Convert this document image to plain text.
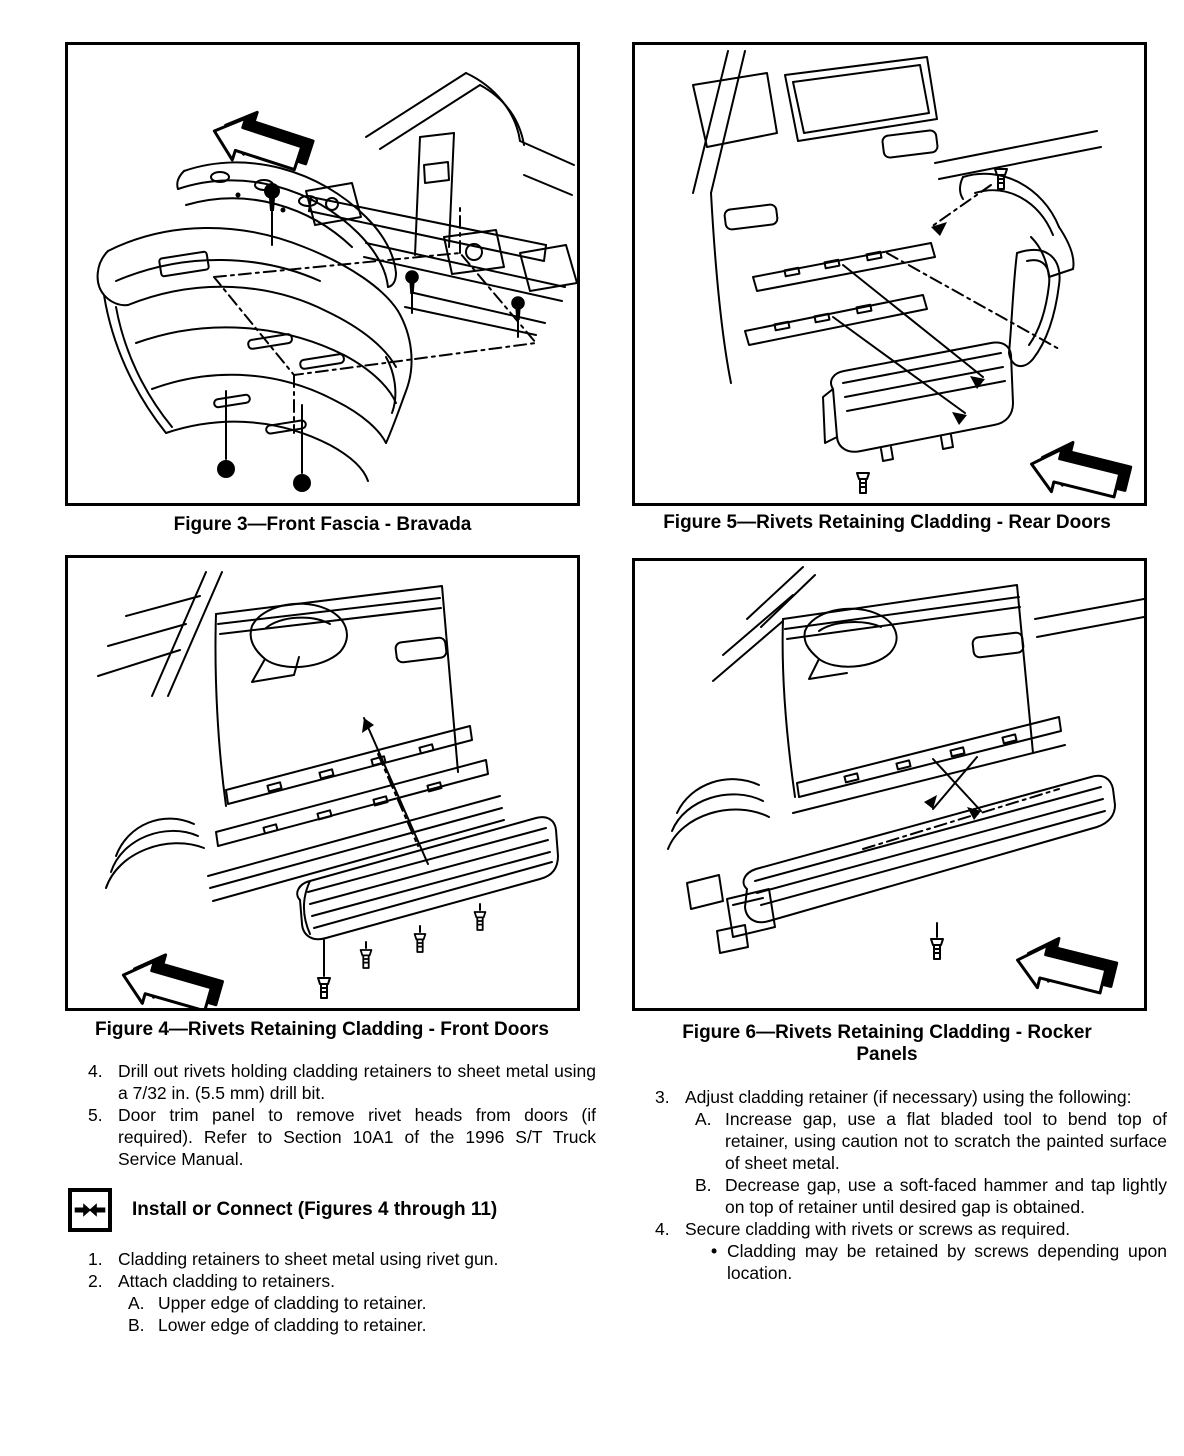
Figure 3—Front Fascia - Bravada	Figure 5—Rivets Retaining Cladding - Rear Doors
Figure 4—Rivets Retaining Cladding - Front Doors	Figure 6—Rivets Retaining Cladding - Rocker Panels
4. Drill out rivets holding cladding retainers to sheet metal using a 7/32 in. (5.5 mm) drill bit.
5. Door trim panel to remove rivet heads from doors (if required). Refer to Section 10A1 of the 1996 S/T Truck Service Manual.
Install or Connect (Figures 4 through 11)
1. Cladding retainers to sheet metal using rivet gun.
2. Attach cladding to retainers.
A. Upper edge of cladding to retainer.
B. Lower edge of cladding to retainer.
3. Adjust cladding retainer (if necessary) using the following:
A. Increase gap, use a flat bladed tool to bend top of retainer, using caution not to scratch the painted surface of sheet metal.
B. Decrease gap, use a soft-faced hammer and tap lightly on top of retainer until desired gap is obtained.
4. Secure cladding with rivets or screws as required.
• Cladding may be retained by screws depending upon location.
